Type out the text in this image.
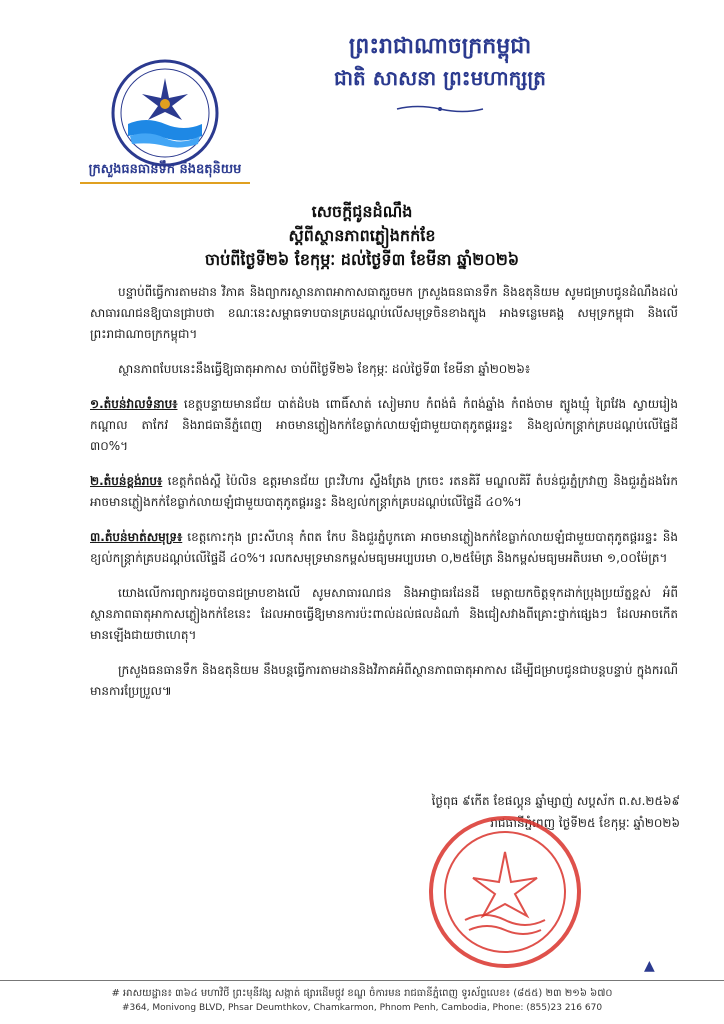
ព្រះរាជាណាចក្រកម្ពុជា
ជាតិ សាសនា ព្រះមហាក្សត្រ
ក្រសួងធនធានទឹក និងឧតុនិយម
សេចក្ដីជូនដំណឹង
ស្ដីពីស្ថានភាពភ្លៀងកក់ខែ
ចាប់ពីថ្ងៃទី២៦ ខែកុម្ភៈ ដល់ថ្ងៃទី៣ ខែមីនា ឆ្នាំ២០២៦

បន្ទាប់ពីធ្វើការតាមដាន វិភាគ និងព្យាករស្ថានភាពអាកាសធាតុរួចមក ក្រសួងធនធានទឹក និងឧតុនិយម សូមជម្រាបជូនដំណឹងដល់សាធារណជនឱ្យបានជ្រាបថា ខណៈនេះសម្ពាធទាបបានគ្របដណ្ដប់លើសមុទ្រចិនខាងត្បូង អាងទន្លេមេគង្គ សមុទ្រកម្ពុជា និងលើព្រះរាជាណាចក្រកម្ពុជា។

ស្ថានភាពបែបនេះនឹងធ្វើឱ្យធាតុអាកាស ចាប់ពីថ្ងៃទី២៦ ខែកុម្ភៈ ដល់ថ្ងៃទី៣ ខែមីនា ឆ្នាំ២០២៦៖

១.តំបន់វាលទំនាប៖ ខេត្តបន្ទាយមានជ័យ បាត់ដំបង ពោធិ៍សាត់ សៀមរាប កំពង់ធំ កំពង់ឆ្នាំង កំពង់ចាម ត្បូងឃ្មុំ ព្រៃវែង ស្វាយរៀង កណ្ដាល តាកែវ និងរាជធានីភ្នំពេញ អាចមានភ្លៀងកក់ខែធ្លាក់លាយឡំជាមួយបាតុភូតផ្គររន្ទះ និងខ្យល់កន្ត្រាក់គ្របដណ្ដប់លើផ្ទៃដី ៣០%។

២.តំបន់ខ្ពង់រាប៖ ខេត្តកំពង់ស្ពឺ ប៉ៃលិន ឧត្ដរមានជ័យ ព្រះវិហារ ស្ទឹងត្រែង ក្រចេះ រតនគិរី មណ្ឌលគិរី តំបន់ជួរភ្នំក្រវាញ និងជួរភ្នំដងរែក អាចមានភ្លៀងកក់ខែធ្លាក់លាយឡំជាមួយបាតុភូតផ្គររន្ទះ និងខ្យល់កន្ត្រាក់គ្របដណ្ដប់លើផ្ទៃដី ៤០%។

៣.តំបន់មាត់សមុទ្រ៖ ខេត្តកោះកុង ព្រះសីហនុ កំពត កែប និងជួរភ្នំបូកគោ អាចមានភ្លៀងកក់ខែធ្លាក់លាយឡំជាមួយបាតុភូតផ្គររន្ទះ និងខ្យល់កន្ត្រាក់គ្របដណ្ដប់លើផ្ទៃដី ៤០%។ រលកសមុទ្រមានកម្ពស់មធ្យមអប្បបរមា ០,២៥ម៉ែត្រ និងកម្ពស់មធ្យមអតិបរមា ១,០០ម៉ែត្រ។

យោងលើការព្យាករដូចបានជម្រាបខាងលើ សូមសាធារណជន និងអាជ្ញាធរដែនដី មេត្តាយកចិត្តទុកដាក់ប្រុងប្រយ័ត្នខ្ពស់ អំពីស្ថានភាពធាតុអាកាសភ្លៀងកក់ខែនេះ ដែលអាចធ្វើឱ្យមានការប៉ះពាល់ដល់ផលដំណាំ និងជៀសវាងពីគ្រោះថ្នាក់ផ្សេងៗ ដែលអាចកើតមានឡើងជាយថាហេតុ។

ក្រសួងធនធានទឹក និងឧតុនិយម នឹងបន្តធ្វើការតាមដាននិងវិភាគអំពីស្ថានភាពធាតុអាកាស ដើម្បីជម្រាបជូនជាបន្តបន្ទាប់ ក្នុងករណីមានការប្រែប្រួល៕

ថ្ងៃពុធ ៩កើត ខែផល្គុន ឆ្នាំម្សាញ់ សប្តស័ក ព.ស.២៥៦៩
រាជធានីភ្នំពេញ ថ្ងៃទី២៥ ខែកុម្ភៈ ឆ្នាំ២០២៦
▲
# អាសយដ្ឋាន៖ ៣៦៤ មហាវិថី ព្រះមុនីវង្ស សង្កាត់ ផ្សារដើមថ្កូវ ខណ្ឌ ចំការមន រាជធានីភ្នំពេញ ទូរស័ព្ទលេខ៖ (៨៥៥) ២៣ ២១៦ ៦៧០
#364, Monivong BLVD, Phsar Deumthkov, Chamkarmon, Phnom Penh, Cambodia, Phone: (855)23 216 670
